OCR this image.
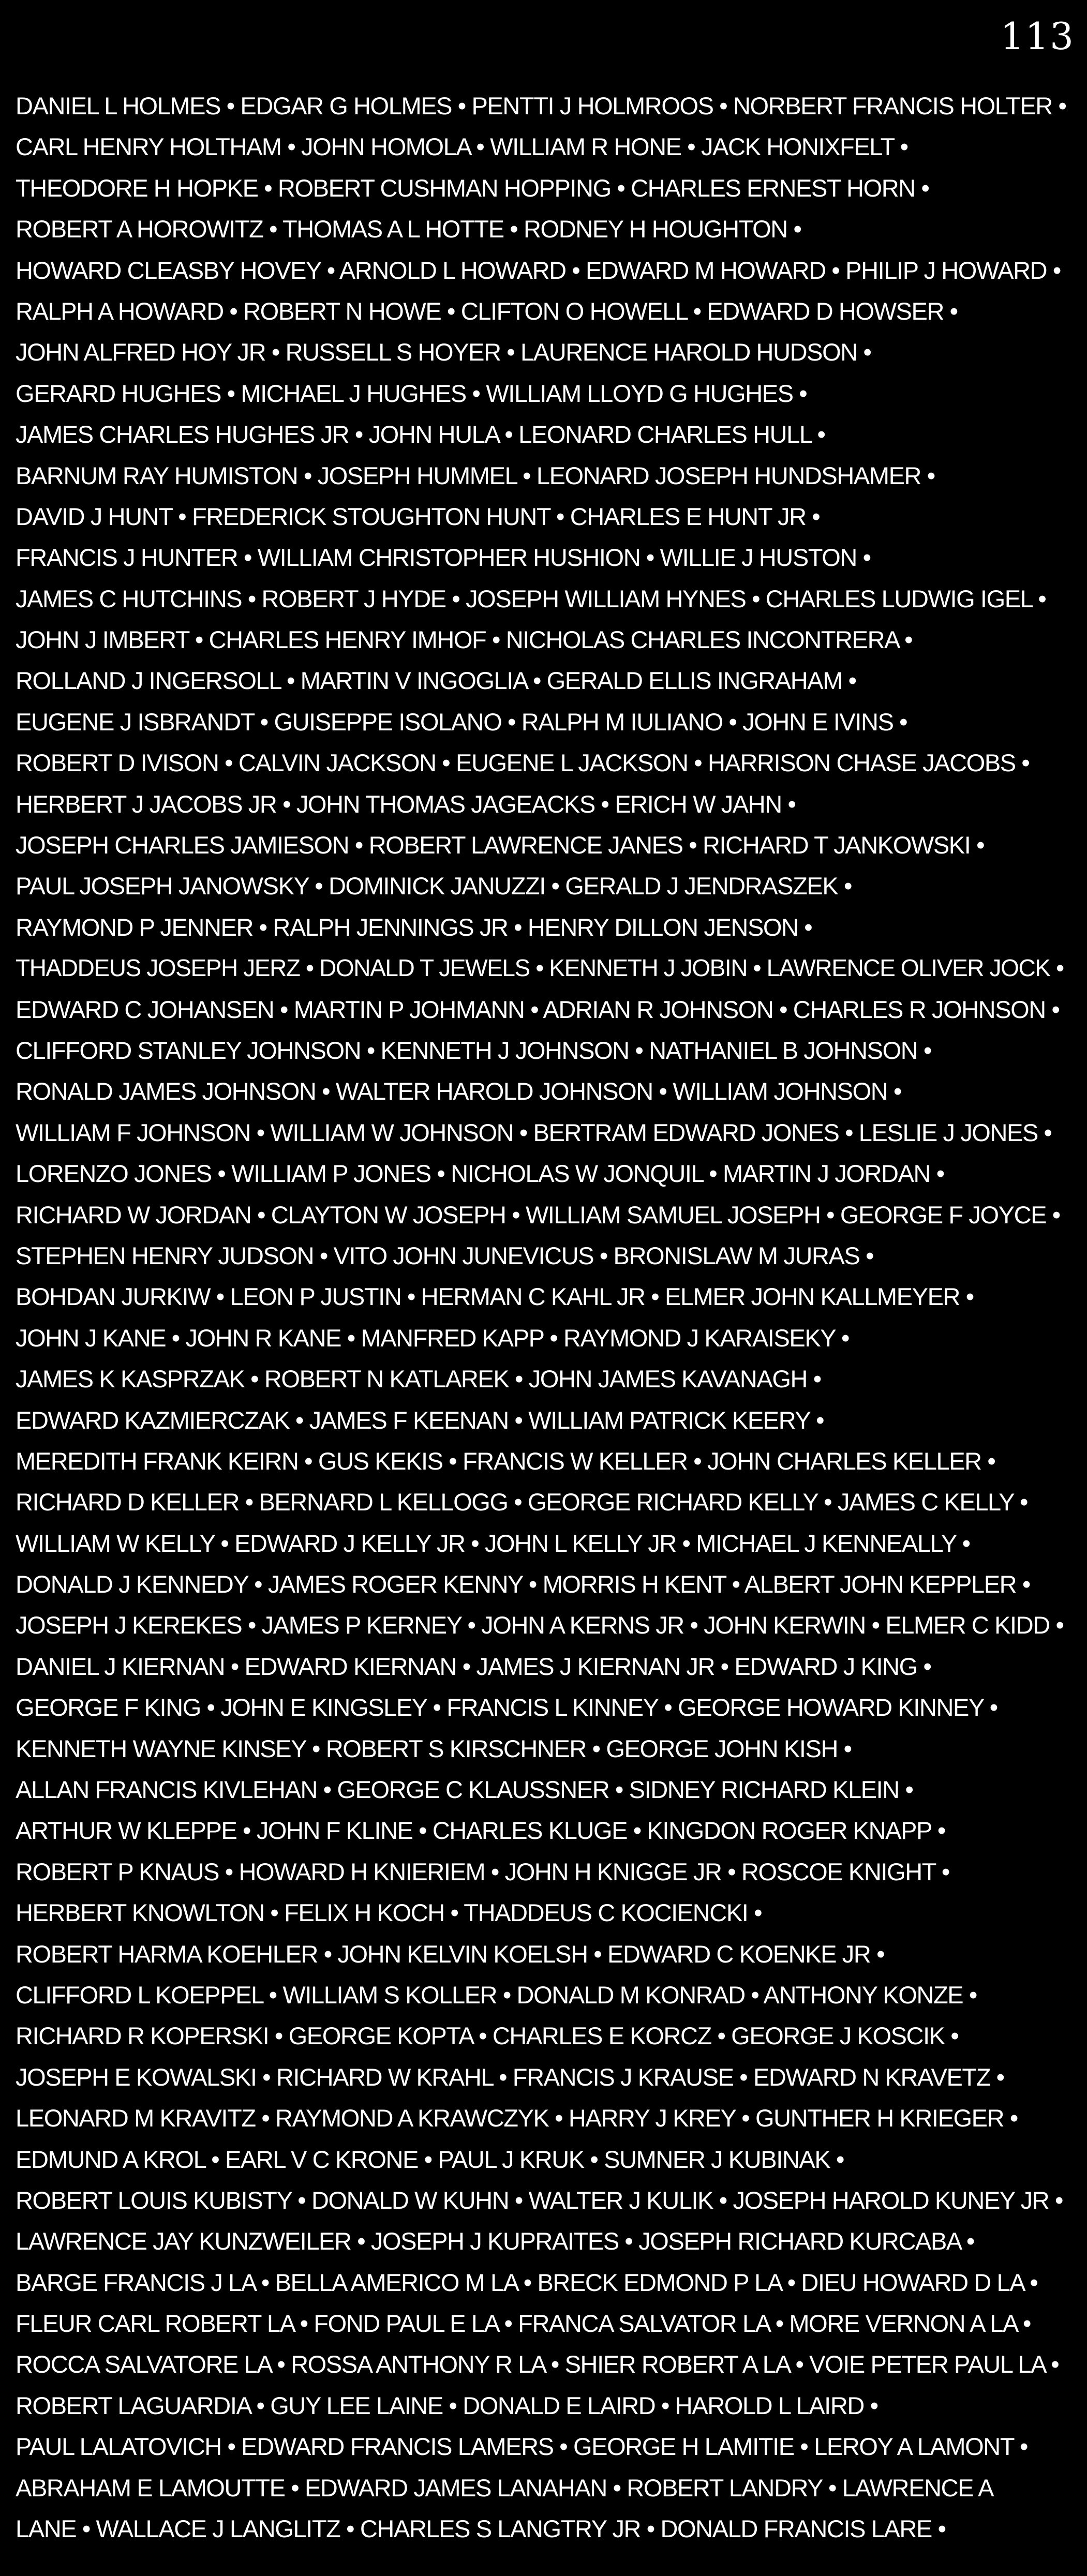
113
DANIEL L HOLMES • EDGAR G HOLMES • PENTTI J HOLMROOS • NORBERT FRANCIS HOLTER •
CARL HENRY HOLTHAM • JOHN HOMOLA • WILLIAM R HONE • JACK HONIXFELT •
THEODORE H HOPKE • ROBERT CUSHMAN HOPPING • CHARLES ERNEST HORN •
ROBERT A HOROWITZ • THOMAS A L HOTTE • RODNEY H HOUGHTON •
HOWARD CLEASBY HOVEY • ARNOLD L HOWARD • EDWARD M HOWARD • PHILIP J HOWARD •
RALPH A HOWARD • ROBERT N HOWE • CLIFTON O HOWELL • EDWARD D HOWSER •
JOHN ALFRED HOY JR • RUSSELL S HOYER • LAURENCE HAROLD HUDSON •
GERARD HUGHES • MICHAEL J HUGHES • WILLIAM LLOYD G HUGHES •
JAMES CHARLES HUGHES JR • JOHN HULA • LEONARD CHARLES HULL •
BARNUM RAY HUMISTON • JOSEPH HUMMEL • LEONARD JOSEPH HUNDSHAMER •
DAVID J HUNT • FREDERICK STOUGHTON HUNT • CHARLES E HUNT JR •
FRANCIS J HUNTER • WILLIAM CHRISTOPHER HUSHION • WILLIE J HUSTON •
JAMES C HUTCHINS • ROBERT J HYDE • JOSEPH WILLIAM HYNES • CHARLES LUDWIG IGEL •
JOHN J IMBERT • CHARLES HENRY IMHOF • NICHOLAS CHARLES INCONTRERA •
ROLLAND J INGERSOLL • MARTIN V INGOGLIA • GERALD ELLIS INGRAHAM •
EUGENE J ISBRANDT • GUISEPPE ISOLANO • RALPH M IULIANO • JOHN E IVINS •
ROBERT D IVISON • CALVIN JACKSON • EUGENE L JACKSON • HARRISON CHASE JACOBS •
HERBERT J JACOBS JR • JOHN THOMAS JAGEACKS • ERICH W JAHN •
JOSEPH CHARLES JAMIESON • ROBERT LAWRENCE JANES • RICHARD T JANKOWSKI •
PAUL JOSEPH JANOWSKY • DOMINICK JANUZZI • GERALD J JENDRASZEK •
RAYMOND P JENNER • RALPH JENNINGS JR • HENRY DILLON JENSON •
THADDEUS JOSEPH JERZ • DONALD T JEWELS • KENNETH J JOBIN • LAWRENCE OLIVER JOCK •
EDWARD C JOHANSEN • MARTIN P JOHMANN • ADRIAN R JOHNSON • CHARLES R JOHNSON •
CLIFFORD STANLEY JOHNSON • KENNETH J JOHNSON • NATHANIEL B JOHNSON •
RONALD JAMES JOHNSON • WALTER HAROLD JOHNSON • WILLIAM JOHNSON •
WILLIAM F JOHNSON • WILLIAM W JOHNSON • BERTRAM EDWARD JONES • LESLIE J JONES •
LORENZO JONES • WILLIAM P JONES • NICHOLAS W JONQUIL • MARTIN J JORDAN •
RICHARD W JORDAN • CLAYTON W JOSEPH • WILLIAM SAMUEL JOSEPH • GEORGE F JOYCE •
STEPHEN HENRY JUDSON • VITO JOHN JUNEVICUS • BRONISLAW M JURAS •
BOHDAN JURKIW • LEON P JUSTIN • HERMAN C KAHL JR • ELMER JOHN KALLMEYER •
JOHN J KANE • JOHN R KANE • MANFRED KAPP • RAYMOND J KARAISEKY •
JAMES K KASPRZAK • ROBERT N KATLAREK • JOHN JAMES KAVANAGH •
EDWARD KAZMIERCZAK • JAMES F KEENAN • WILLIAM PATRICK KEERY •
MEREDITH FRANK KEIRN • GUS KEKIS • FRANCIS W KELLER • JOHN CHARLES KELLER •
RICHARD D KELLER • BERNARD L KELLOGG • GEORGE RICHARD KELLY • JAMES C KELLY •
WILLIAM W KELLY • EDWARD J KELLY JR • JOHN L KELLY JR • MICHAEL J KENNEALLY •
DONALD J KENNEDY • JAMES ROGER KENNY • MORRIS H KENT • ALBERT JOHN KEPPLER •
JOSEPH J KEREKES • JAMES P KERNEY • JOHN A KERNS JR • JOHN KERWIN • ELMER C KIDD •
DANIEL J KIERNAN • EDWARD KIERNAN • JAMES J KIERNAN JR • EDWARD J KING •
GEORGE F KING • JOHN E KINGSLEY • FRANCIS L KINNEY • GEORGE HOWARD KINNEY •
KENNETH WAYNE KINSEY • ROBERT S KIRSCHNER • GEORGE JOHN KISH •
ALLAN FRANCIS KIVLEHAN • GEORGE C KLAUSSNER • SIDNEY RICHARD KLEIN •
ARTHUR W KLEPPE • JOHN F KLINE • CHARLES KLUGE • KINGDON ROGER KNAPP •
ROBERT P KNAUS • HOWARD H KNIERIEM • JOHN H KNIGGE JR • ROSCOE KNIGHT •
HERBERT KNOWLTON • FELIX H KOCH • THADDEUS C KOCIENCKI •
ROBERT HARMA KOEHLER • JOHN KELVIN KOELSH • EDWARD C KOENKE JR •
CLIFFORD L KOEPPEL • WILLIAM S KOLLER • DONALD M KONRAD • ANTHONY KONZE •
RICHARD R KOPERSKI • GEORGE KOPTA • CHARLES E KORCZ • GEORGE J KOSCIK •
JOSEPH E KOWALSKI • RICHARD W KRAHL • FRANCIS J KRAUSE • EDWARD N KRAVETZ •
LEONARD M KRAVITZ • RAYMOND A KRAWCZYK • HARRY J KREY • GUNTHER H KRIEGER •
EDMUND A KROL • EARL V C KRONE • PAUL J KRUK • SUMNER J KUBINAK •
ROBERT LOUIS KUBISTY • DONALD W KUHN • WALTER J KULIK • JOSEPH HAROLD KUNEY JR •
LAWRENCE JAY KUNZWEILER • JOSEPH J KUPRAITES • JOSEPH RICHARD KURCABA •
BARGE FRANCIS J LA • BELLA AMERICO M LA • BRECK EDMOND P LA • DIEU HOWARD D LA •
FLEUR CARL ROBERT LA • FOND PAUL E LA • FRANCA SALVATOR LA • MORE VERNON A LA •
ROCCA SALVATORE LA • ROSSA ANTHONY R LA • SHIER ROBERT A LA • VOIE PETER PAUL LA •
ROBERT LAGUARDIA • GUY LEE LAINE • DONALD E LAIRD • HAROLD L LAIRD •
PAUL LALATOVICH • EDWARD FRANCIS LAMERS • GEORGE H LAMITIE • LEROY A LAMONT •
ABRAHAM E LAMOUTTE • EDWARD JAMES LANAHAN • ROBERT LANDRY • LAWRENCE A
LANE • WALLACE J LANGLITZ • CHARLES S LANGTRY JR • DONALD FRANCIS LARE •
